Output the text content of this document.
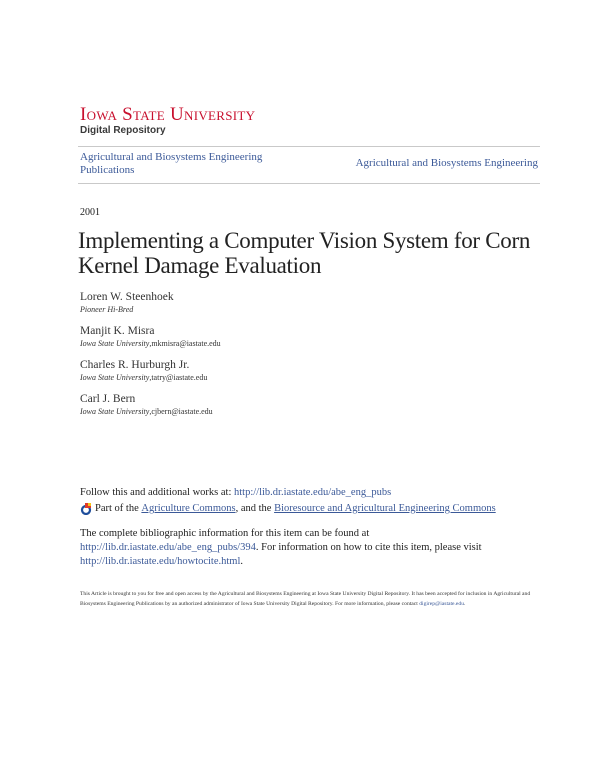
Iowa State University
Digital Repository
Agricultural and Biosystems Engineering Publications
Agricultural and Biosystems Engineering
2001
Implementing a Computer Vision System for Corn Kernel Damage Evaluation
Loren W. Steenhoek
Pioneer Hi-Bred
Manjit K. Misra
Iowa State University,mkmisra@iastate.edu
Charles R. Hurburgh Jr.
Iowa State University,tatry@iastate.edu
Carl J. Bern
Iowa State University,cjbern@iastate.edu
Follow this and additional works at: http://lib.dr.iastate.edu/abe_eng_pubs
Part of the
Agriculture Commons , and the
Bioresource and Agricultural Engineering Commons
The complete bibliographic information for this item can be found at http://lib.dr.iastate.edu/abe_eng_pubs/394. For information on how to cite this item, please visit http://lib.dr.iastate.edu/howtocite.html.
This Article is brought to you for free and open access by the Agricultural and Biosystems Engineering at Iowa State University Digital Repository. It has been accepted for inclusion in Agricultural and Biosystems Engineering Publications by an authorized administrator of Iowa State University Digital Repository. For more information, please contact digirep@iastate.edu.
